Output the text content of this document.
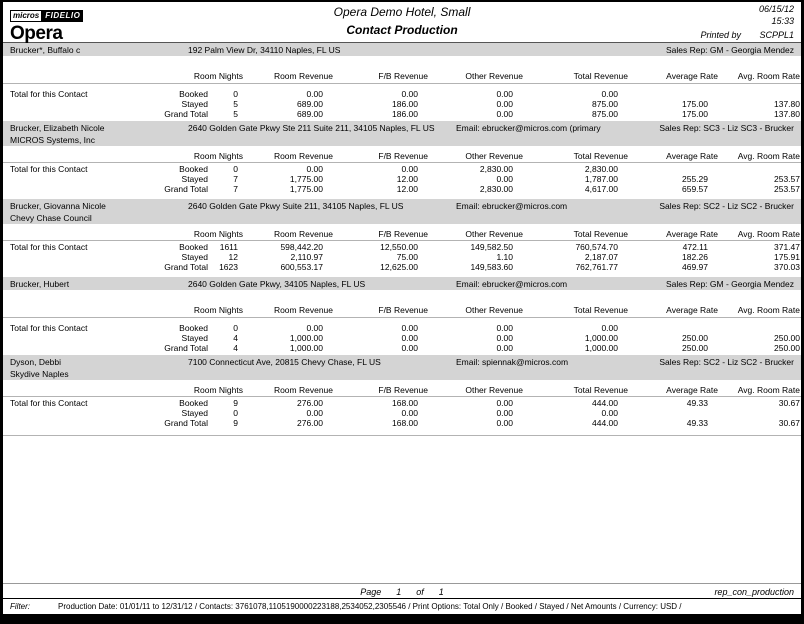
micros FIDELIO
Opera
Opera Demo Hotel, Small
Contact Production
06/15/12
15:33
Printed by SCPPL1
Brucker*, Buffalo c	192 Palm View Dr, 34110 Naples, FL US	Sales Rep: GM - Georgia Mendez
Room Nights	Room Revenue	F/B Revenue	Other Revenue	Total Revenue	Average Rate	Avg. Room Rate
Total for this Contact	Booked	0	0.00	0.00	0.00	0.00
Stayed	5	689.00	186.00	0.00	875.00	175.00	137.80
Grand Total	5	689.00	186.00	0.00	875.00	175.00	137.80
Brucker, Elizabeth Nicole	2640 Golden Gate Pkwy Ste 211 Suite 211, 34105 Naples, FL US	Email: ebrucker@micros.com (primary	Sales Rep: SC3 - Liz SC3 - Brucker
MICROS Systems, Inc
Room Nights	Room Revenue	F/B Revenue	Other Revenue	Total Revenue	Average Rate	Avg. Room Rate
Total for this Contact	Booked	0	0.00	0.00	2,830.00	2,830.00
Stayed	7	1,775.00	12.00	0.00	1,787.00	255.29	253.57
Grand Total	7	1,775.00	12.00	2,830.00	4,617.00	659.57	253.57
Brucker, Giovanna Nicole	2640 Golden Gate Pkwy Suite 211, 34105 Naples, FL US	Email: ebrucker@micros.com	Sales Rep: SC2 - Liz SC2 - Brucker
Chevy Chase Council
Room Nights	Room Revenue	F/B Revenue	Other Revenue	Total Revenue	Average Rate	Avg. Room Rate
Total for this Contact	Booked	1611	598,442.20	12,550.00	149,582.50	760,574.70	472.11	371.47
Stayed	12	2,110.97	75.00	1.10	2,187.07	182.26	175.91
Grand Total	1623	600,553.17	12,625.00	149,583.60	762,761.77	469.97	370.03
Brucker, Hubert	2640 Golden Gate Pkwy, 34105 Naples, FL US	Email: ebrucker@micros.com	Sales Rep: GM - Georgia Mendez
Room Nights	Room Revenue	F/B Revenue	Other Revenue	Total Revenue	Average Rate	Avg. Room Rate
Total for this Contact	Booked	0	0.00	0.00	0.00	0.00
Stayed	4	1,000.00	0.00	0.00	1,000.00	250.00	250.00
Grand Total	4	1,000.00	0.00	0.00	1,000.00	250.00	250.00
Dyson, Debbi	7100 Connecticut Ave, 20815 Chevy Chase, FL US	Email: spiennak@micros.com	Sales Rep: SC2 - Liz SC2 - Brucker
Skydive Naples
Room Nights	Room Revenue	F/B Revenue	Other Revenue	Total Revenue	Average Rate	Avg. Room Rate
Total for this Contact	Booked	9	276.00	168.00	0.00	444.00	49.33	30.67
Stayed	0	0.00	0.00	0.00	0.00
Grand Total	9	276.00	168.00	0.00	444.00	49.33	30.67
Page 1 of 1	rep_con_production
Filter:	Production Date: 01/01/11 to 12/31/12 / Contacts: 3761078,1105190000223188,2534052,2305546 / Print Options: Total Only / Booked / Stayed / Net Amounts / Currency: USD /
